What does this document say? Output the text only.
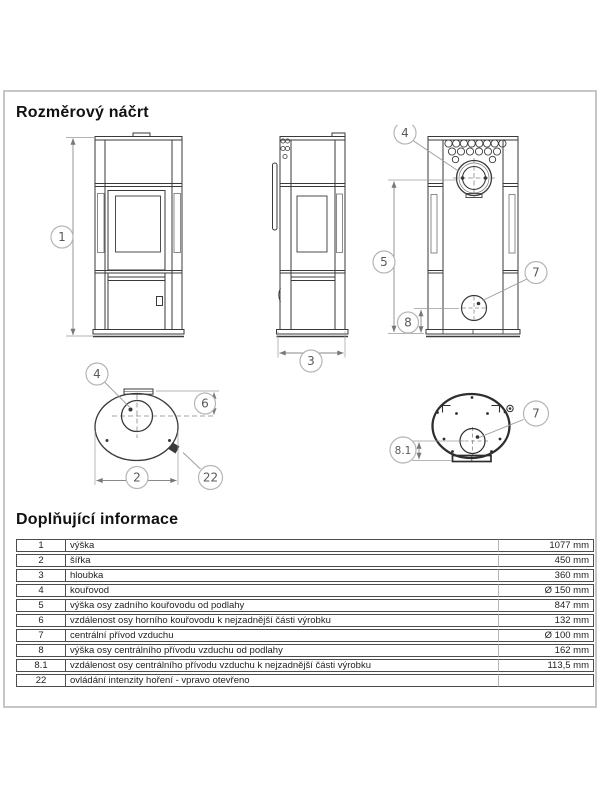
Rozměrový náčrt
1
3
4
5
8
7
4
6
2	22
7
8.1
Doplňující informace
1	výška	1077 mm
2	šířka	450 mm
3	hloubka	360 mm
4	kouřovod	Ø 150 mm
5	výška osy zadního kouřovodu od podlahy	847 mm
6	vzdálenost osy horního kouřovodu k nejzadnější části výrobku	132 mm
7	centrální přívod vzduchu	Ø 100 mm
8	výška osy centrálního přívodu vzduchu od podlahy	162 mm
8.1	vzdálenost osy centrálního přívodu vzduchu k nejzadnější části výrobku	113,5 mm
22	ovládání intenzity hoření - vpravo otevřeno	
